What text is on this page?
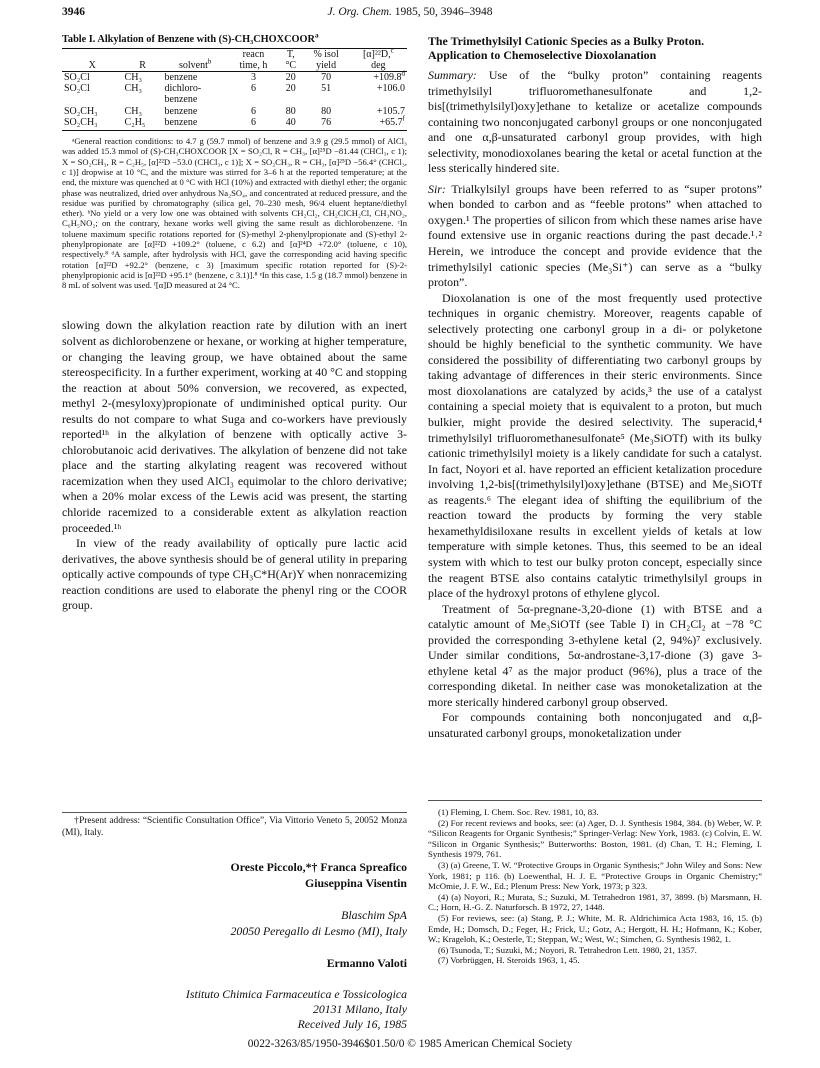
3946	J. Org. Chem. 1985, 50, 3946–3948

Table I. Alkylation of Benzene with (S)-CH₃CHOXCOOR$^a$

			reacn	T,	% isol	[α]²²D,$^c$
X	R	solvent$^b$	time, h	°C	yield	deg
SO₂Cl	CH₃	benzene	3	20	70	+109.8$^d$
SO₂Cl	CH₃	dichloro-	6	20	51	+106.0
		benzene				
SO₂CH₃	CH₃	benzene	6	80	80	+105.7
SO₂CH₃	C₂H₅	benzene	6	40	76	+65.7$^f$

ᵃGeneral reaction conditions: to 4.7 g (59.7 mmol) of benzene and 3.9 g (29.5 mmol) of AlCl₃ was added 15.3 mmol of (S)-CH₃CHOXCOOR [X = SO₂Cl, R = CH₃, [α]²⁵D −81.44 (CHCl₃, c 1); X = SO₂CH₃, R = C₂H₅, [α]²²D −53.0 (CHCl₃, c 1)]; X = SO₂CH₃, R = CH₃, [α]²⁵D −56.4° (CHCl₃, c 1)] dropwise at 10 °C, and the mixture was stirred for 3–6 h at the reported temperature; at the end, the mixture was quenched at 0 °C with HCl (10%) and extracted with diethyl ether; the organic phase was neutralized, dried over anhydrous Na₂SO₄, and concentrated at reduced pressure, and the residue was purified by chromatography (silica gel, 70–230 mesh, 96/4 eluent heptane/diethyl ether). ᵇNo yield or a very low one was obtained with solvents CH₂Cl₂, CH₂ClCH₂Cl, CH₃NO₂, C₆H₅NO₂; on the contrary, hexane works well giving the same result as dichlorobenzene. ᶜIn toluene maximum specific rotations reported for (S)-methyl 2-phenylpropionate and (S)-ethyl 2-phenylpropionate are [α]²²D +109.2° (toluene, c 6.2) and [α]²⁴D +72.0° (toluene, c 10), respectively.⁸ ᵈA sample, after hydrolysis with HCl, gave the corresponding acid having specific rotation [α]²²D +92.2° (benzene, c 3) [maximum specific rotation reported for (S)-2-phenylpropionic acid is [α]²²D +95.1° (benzene, c 3.1)].⁸ ᵉIn this case, 1.5 g (18.7 mmol) benzene in 8 mL of solvent was used. ᶠ[α]D measured at 24 °C.

slowing down the alkylation reaction rate by dilution with an inert solvent as dichlorobenzene or hexane, or working at higher temperature, or changing the leaving group, we have obtained about the same stereospecificity. In a further experiment, working at 40 °C and stopping the reaction at about 50% conversion, we recovered, as expected, methyl 2-(mesyloxy)propionate of undiminished optical purity. Our results do not compare to what Suga and co-workers have previously reported¹ʰ in the alkylation of benzene with optically active 3-chlorobutanoic acid derivatives. The alkylation of benzene did not take place and the starting alkylating reagent was recovered without racemization when they used AlCl₃ equimolar to the chloro derivative; when a 20% molar excess of the Lewis acid was present, the starting chloride racemized to a considerable extent as alkylation reaction proceeded.¹ʰ

In view of the ready availability of optically pure lactic acid derivatives, the above synthesis should be of general utility in preparing optically active compounds of type CH₃C*H(Ar)Y when nonracemizing reaction conditions are used to elaborate the phenyl ring or the COOR group.

†Present address: “Scientific Consultation Office”, Via Vittorio Veneto 5, 20052 Monza (MI), Italy.
Oreste Piccolo,*† Franca Spreafico
Giuseppina Visentin
Blaschim SpA
20050 Peregallo di Lesmo (MI), Italy
Ermanno Valoti
Istituto Chimica Farmaceutica e Tossicologica
20131 Milano, Italy
Received July 16, 1985

The Trimethylsilyl Cationic Species as a Bulky Proton. Application to Chemoselective Dioxolanation

Summary: Use of the “bulky proton” containing reagents trimethylsilyl trifluoromethanesulfonate and 1,2-bis[(trimethylsilyl)oxy]ethane to ketalize or acetalize compounds containing two nonconjugated carbonyl groups or one nonconjugated and one α,β-unsaturated carbonyl group provides, with high selectivity, monodioxolanes bearing the ketal or acetal function at the less sterically hindered site.

Sir: Trialkylsilyl groups have been referred to as “super protons” when bonded to carbon and as “feeble protons” when attached to oxygen.¹ The properties of silicon from which these names arise have found extensive use in organic reactions during the past decade.¹˒² Herein, we introduce the concept and provide evidence that the trimethylsilyl cationic species (Me₃Si⁺) can serve as a “bulky proton”.

Dioxolanation is one of the most frequently used protective techniques in organic chemistry. Moreover, reagents capable of selectively protecting one carbonyl group in a di- or polyketone should be highly beneficial to the synthetic community. We have considered the possibility of differentiating two carbonyl groups by taking advantage of differences in their steric environments. Since most dioxolanations are catalyzed by acids,³ the use of a catalyst containing a special moiety that is equivalent to a proton, but much bulkier, might provide the desired selectivity. The superacid,⁴ trimethylsilyl trifluoromethanesulfonate⁵ (Me₃SiOTf) with its bulky cationic trimethylsilyl moiety is a likely candidate for such a catalyst. In fact, Noyori et al. have reported an efficient ketalization procedure involving 1,2-bis[(trimethylsilyl)oxy]ethane (BTSE) and Me₃SiOTf as reagents.⁶ The elegant idea of shifting the equilibrium of the reaction toward the products by forming the very stable hexamethyldisiloxane results in excellent yields of ketals at low temperature with simple ketones. Thus, this seemed to be an ideal system with which to test our bulky proton concept, especially since the reagent BTSE also contains catalytic trimethylsilyl groups in place of the hydroxyl protons of ethylene glycol.

Treatment of 5α-pregnane-3,20-dione (1) with BTSE and a catalytic amount of Me₃SiOTf (see Table I) in CH₂Cl₂ at −78 °C provided the corresponding 3-ethylene ketal (2, 94%)⁷ exclusively. Under similar conditions, 5α-androstane-3,17-dione (3) gave 3-ethylene ketal 4⁷ as the major product (96%), plus a trace of the corresponding diketal. In neither case was monoketalization at the more sterically hindered carbonyl group observed.

For compounds containing both nonconjugated and α,β-unsaturated carbonyl groups, monoketalization under

(1) Fleming, I. Chem. Soc. Rev. 1981, 10, 83.

(2) For recent reviews and books, see: (a) Ager, D. J. Synthesis 1984, 384. (b) Weber, W. P. “Silicon Reagents for Organic Synthesis;” Springer-Verlag: New York, 1983. (c) Colvin, E. W. “Silicon in Organic Synthesis;” Butterworths: Boston, 1981. (d) Chan, T. H.; Fleming, I. Synthesis 1979, 761.

(3) (a) Greene, T. W. “Protective Groups in Organic Synthesis;” John Wiley and Sons: New York, 1981; p 116. (b) Loewenthal, H. J. E. “Protective Groups in Organic Chemistry;” McOmie, J. F. W., Ed.; Plenum Press: New York, 1973; p 323.

(4) (a) Noyori, R.; Murata, S.; Suzuki, M. Tetrahedron 1981, 37, 3899. (b) Marsmann, H. C.; Horn, H.-G. Z. Naturforsch. B 1972, 27, 1448.

(5) For reviews, see: (a) Stang, P. J.; White, M. R. Aldrichimica Acta 1983, 16, 15. (b) Emde, H.; Domsch, D.; Feger, H.; Frick, U.; Gotz, A.; Hergott, H. H.; Hofmann, K.; Kober, W.; Krageloh, K.; Oesterle, T.; Steppan, W.; West, W.; Simchen, G. Synthesis 1982, 1.

(6) Tsunoda, T.; Suzuki, M.; Noyori, R. Tetrahedron Lett. 1980, 21, 1357.

(7) Vorbrüggen, H. Steroids 1963, 1, 45.

0022-3263/85/1950-3946$01.50/0 © 1985 American Chemical Society
